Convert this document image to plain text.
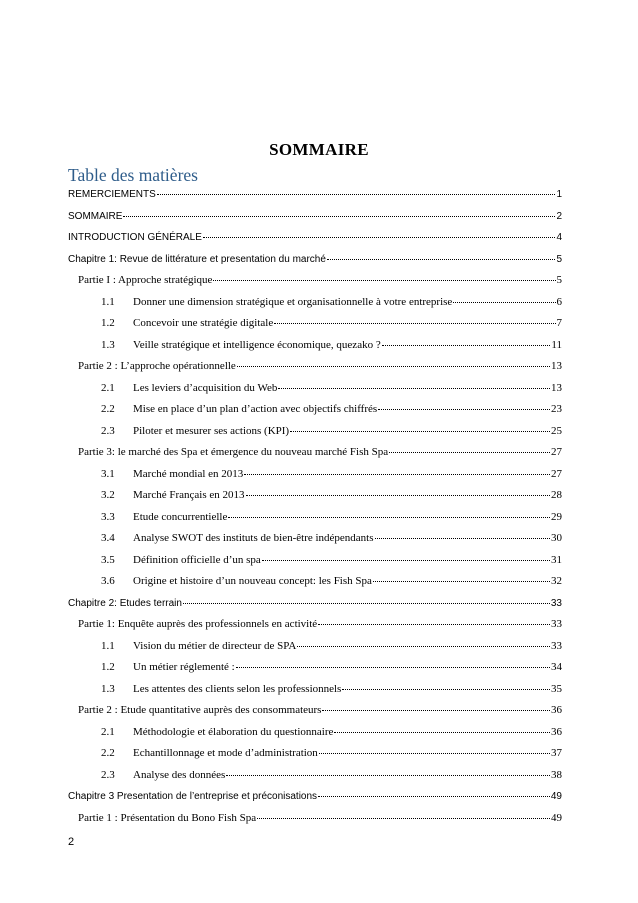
SOMMAIRE
Table des matières
REMERCIEMENTS	1
SOMMAIRE	2
INTRODUCTION GÉNÉRALE	4
Chapitre 1: Revue de littérature et presentation du marché	5
Partie I : Approche stratégique	5
1.1	Donner une dimension stratégique et organisationnelle à votre entreprise	6
1.2	Concevoir une stratégie digitale	7
1.3	Veille stratégique et intelligence économique, quezako ?	11
Partie 2 : L’approche opérationnelle	13
2.1	Les leviers d’acquisition du Web	13
2.2	Mise en place d’un plan d’action avec objectifs chiffrés	23
2.3	Piloter et mesurer ses actions (KPI)	25
Partie 3: le marché des Spa et émergence du nouveau marché Fish Spa	27
3.1	Marché mondial en 2013	27
3.2	Marché Français en 2013	28
3.3	Etude concurrentielle	29
3.4	Analyse SWOT des instituts de bien-être indépendants	30
3.5	Définition officielle d’un spa	31
3.6	Origine et histoire d’un nouveau concept: les Fish Spa	32
Chapitre 2: Etudes terrain	33
Partie 1: Enquête auprès des professionnels en activité	33
1.1	Vision du métier de directeur de SPA	33
1.2	Un métier réglementé :	34
1.3	Les attentes des clients selon les professionnels	35
Partie 2 : Etude quantitative auprès des consommateurs	36
2.1	Méthodologie et élaboration du questionnaire	36
2.2	Echantillonnage et mode d’administration	37
2.3	Analyse des données	38
Chapitre 3 Presentation de l’entreprise et préconisations	49
Partie 1 : Présentation du Bono Fish Spa	49
2
